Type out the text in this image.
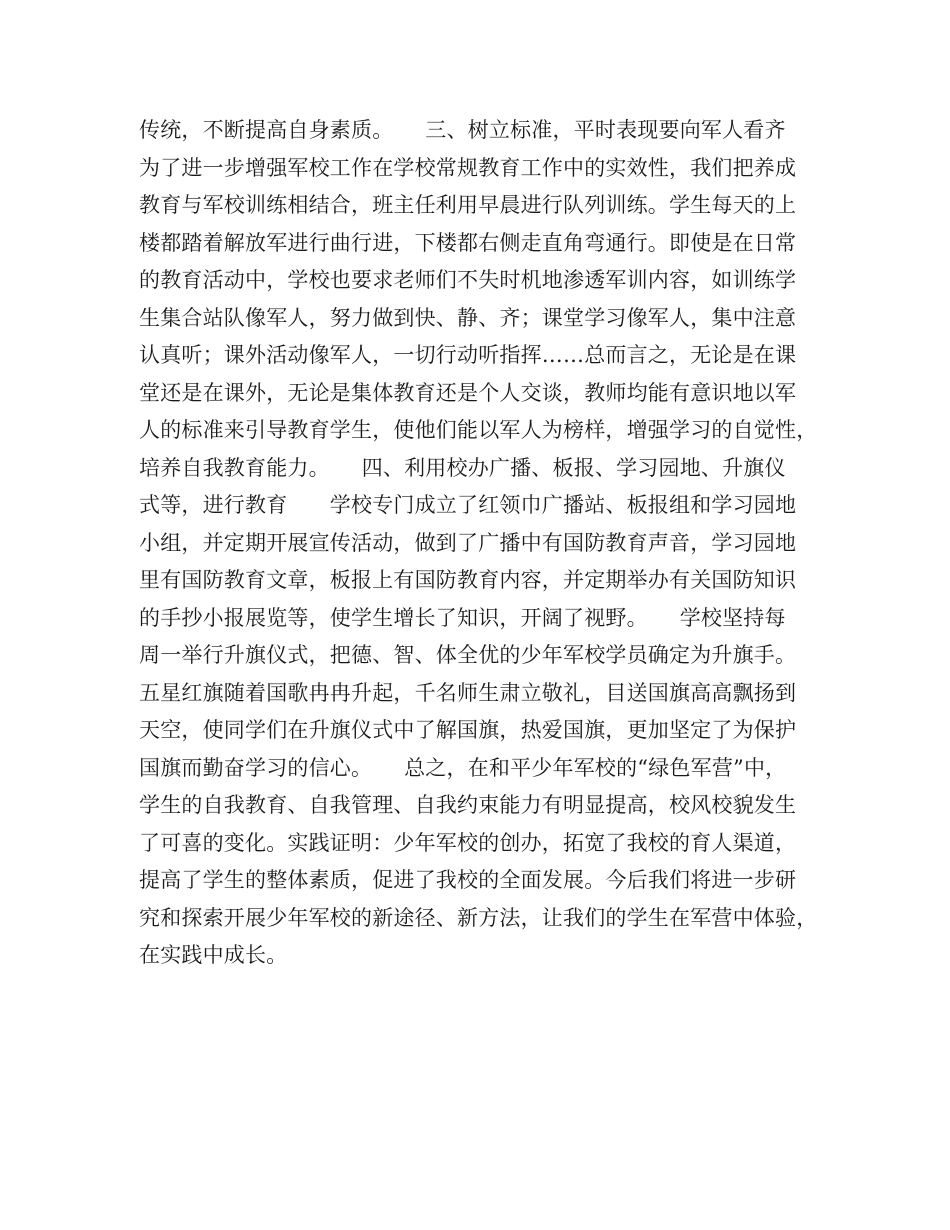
传统，不断提高自身素质。　　三、树立标准，平时表现要向军人看齐
为了进一步增强军校工作在学校常规教育工作中的实效性，我们把养成
教育与军校训练相结合，班主任利用早晨进行队列训练。学生每天的上
楼都踏着解放军进行曲行进，下楼都右侧走直角弯通行。即使是在日常
的教育活动中，学校也要求老师们不失时机地渗透军训内容，如训练学
生集合站队像军人，努力做到快、静、齐；课堂学习像军人，集中注意
认真听；课外活动像军人，一切行动听指挥……总而言之，无论是在课
堂还是在课外，无论是集体教育还是个人交谈，教师均能有意识地以军
人的标准来引导教育学生，使他们能以军人为榜样，增强学习的自觉性，
培养自我教育能力。　　四、利用校办广播、板报、学习园地、升旗仪
式等，进行教育　　学校专门成立了红领巾广播站、板报组和学习园地
小组，并定期开展宣传活动，做到了广播中有国防教育声音，学习园地
里有国防教育文章，板报上有国防教育内容，并定期举办有关国防知识
的手抄小报展览等，使学生增长了知识，开阔了视野。　　学校坚持每
周一举行升旗仪式，把德、智、体全优的少年军校学员确定为升旗手。
五星红旗随着国歌冉冉升起，千名师生肃立敬礼，目送国旗高高飘扬到
天空，使同学们在升旗仪式中了解国旗，热爱国旗，更加坚定了为保护
国旗而勤奋学习的信心。　　总之，在和平少年军校的“绿色军营”中，
学生的自我教育、自我管理、自我约束能力有明显提高，校风校貌发生
了可喜的变化。实践证明：少年军校的创办，拓宽了我校的育人渠道，
提高了学生的整体素质，促进了我校的全面发展。今后我们将进一步研
究和探索开展少年军校的新途径、新方法，让我们的学生在军营中体验，
在实践中成长。
